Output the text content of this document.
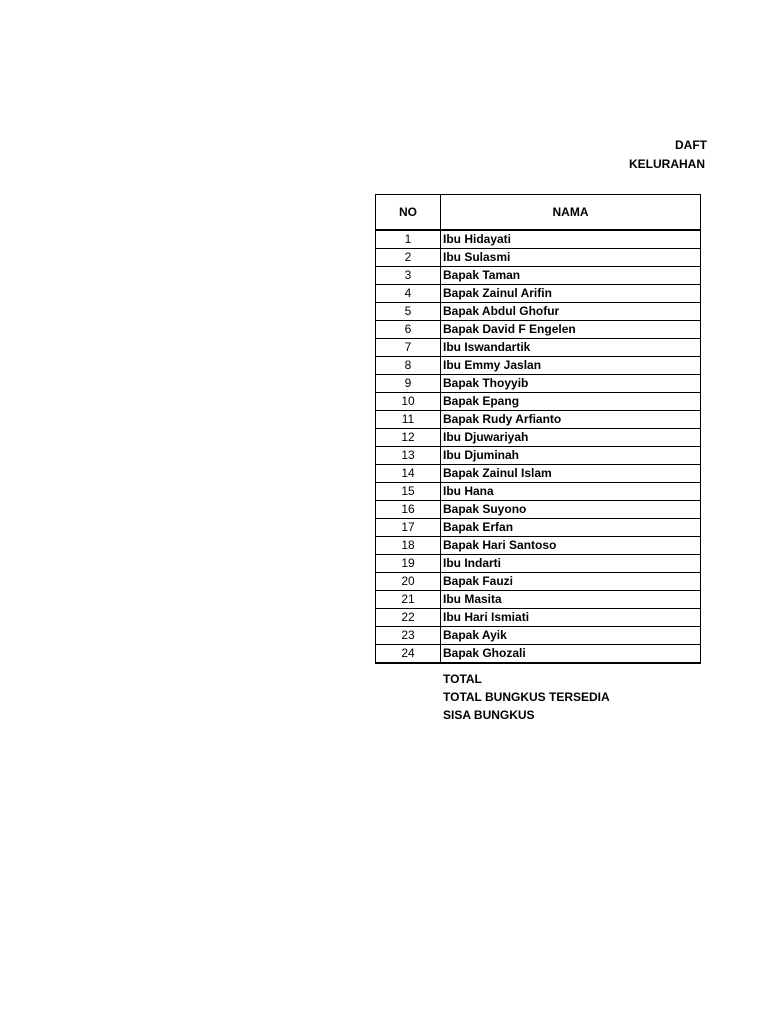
DAFT
KELURAHAN
NO	NAMA
1	Ibu Hidayati
2	Ibu Sulasmi
3	Bapak Taman
4	Bapak Zainul Arifin
5	Bapak Abdul Ghofur
6	Bapak David F Engelen
7	Ibu Iswandartik
8	Ibu Emmy Jaslan
9	Bapak Thoyyib
10	Bapak Epang
11	Bapak Rudy Arfianto
12	Ibu Djuwariyah
13	Ibu Djuminah
14	Bapak Zainul Islam
15	Ibu Hana
16	Bapak Suyono
17	Bapak Erfan
18	Bapak Hari Santoso
19	Ibu Indarti
20	Bapak Fauzi
21	Ibu Masita
22	Ibu Hari Ismiati
23	Bapak Ayik
24	Bapak Ghozali
TOTAL
TOTAL BUNGKUS TERSEDIA
SISA BUNGKUS
